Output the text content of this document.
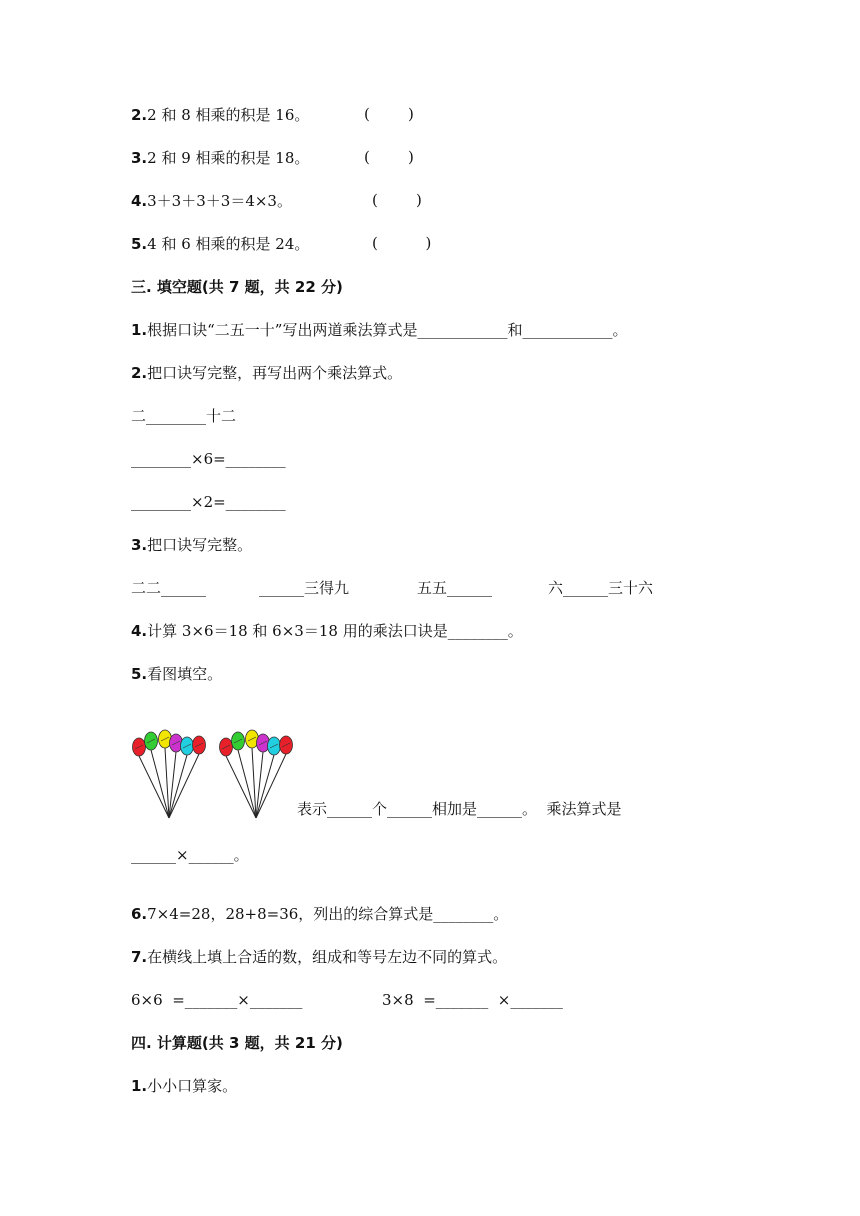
2.2 和 8 相乘的积是 16。	(        )
3.2 和 9 相乘的积是 18。	(        )
4.3＋3＋3＋3＝4×3。	(        )
5.4 和 6 相乘的积是 24。	(          )
三. 填空题(共 7 题，共 22 分)
1.根据口诀“二五一十”写出两道乘法算式是____________和____________。
2.把口诀写完整，再写出两个乘法算式。
二________十二
________×6=________
________×2=________
3.把口诀写完整。
二二______	______三得九	五五______	六______三十六
4.计算 3×6＝18 和 6×3＝18 用的乘法口诀是________。
5.看图填空。
表示______个______相加是______。  乘法算式是
______×______。
6.7×4=28，28+8=36，列出的综合算式是________。
7.在横线上填上合适的数，组成和等号左边不同的算式。
6×6  =_______×_______	3×8  =_______  ×_______
四. 计算题(共 3 题，共 21 分)
1.小小口算家。
